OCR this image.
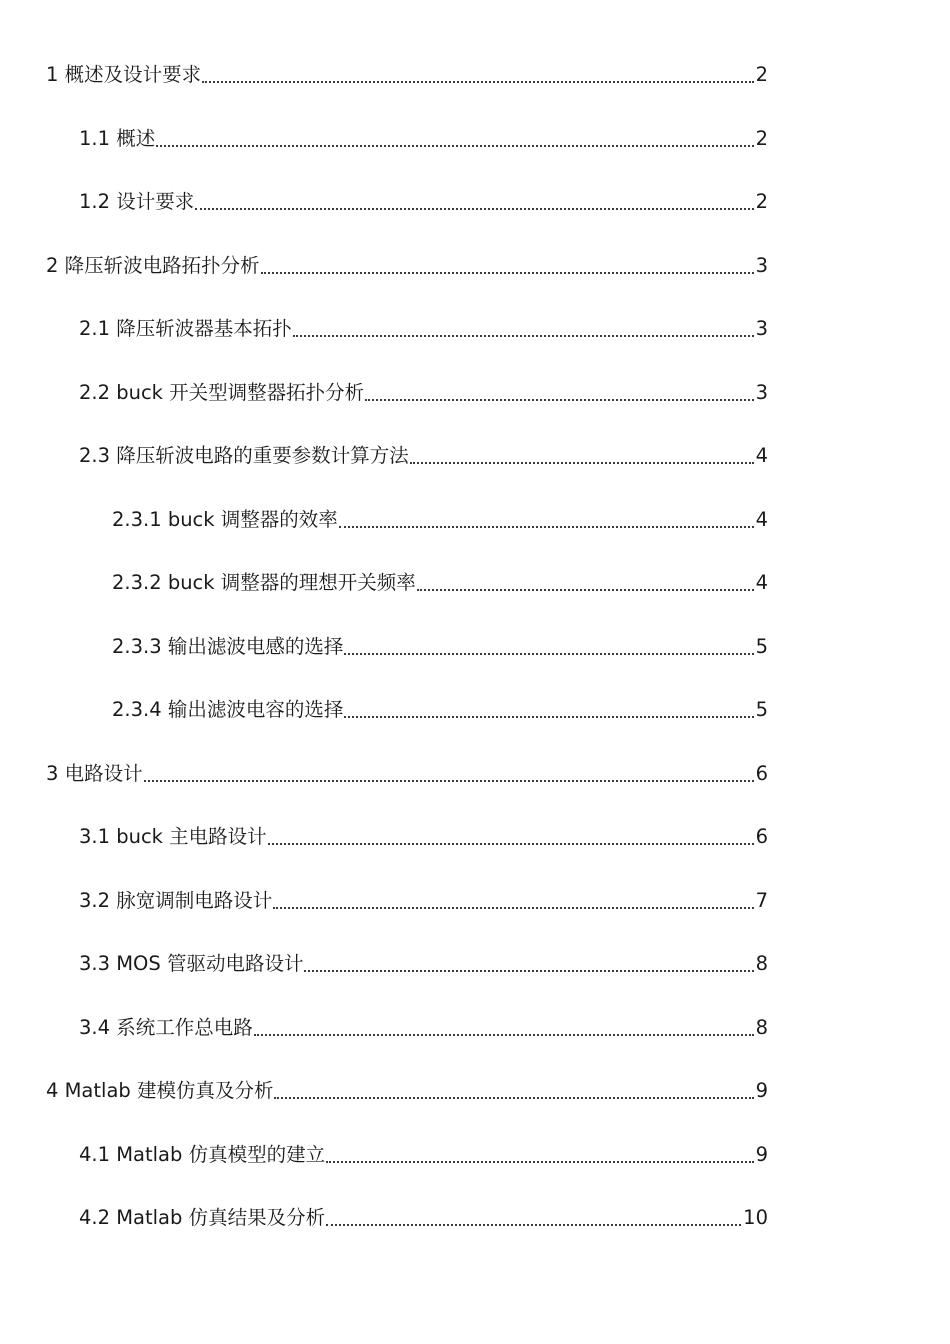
1 概述及设计要求	2
1.1 概述	2
1.2 设计要求	2
2 降压斩波电路拓扑分析	3
2.1 降压斩波器基本拓扑	3
2.2 buck 开关型调整器拓扑分析	3
2.3 降压斩波电路的重要参数计算方法	4
2.3.1 buck 调整器的效率	4
2.3.2 buck 调整器的理想开关频率	4
2.3.3 输出滤波电感的选择	5
2.3.4 输出滤波电容的选择	5
3 电路设计	6
3.1 buck 主电路设计	6
3.2 脉宽调制电路设计	7
3.3 MOS 管驱动电路设计	8
3.4 系统工作总电路	8
4 Matlab 建模仿真及分析	9
4.1 Matlab 仿真模型的建立	9
4.2 Matlab 仿真结果及分析	10
